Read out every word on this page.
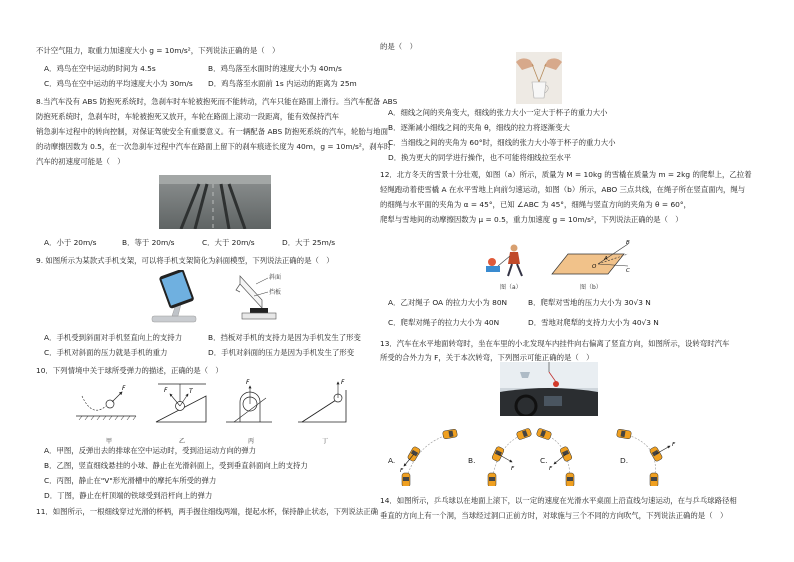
不计空气阻力，取重力加速度大小 g = 10m/s²，下列说法正确的是（　）
A．鸡鸟在空中运动的时间为 4.5s	B．鸡鸟落至水面时的速度大小为 40m/s
C．鸡鸟在空中运动的平均速度大小为 30m/s D．鸡鸟落至水面前 1s 内运动的距离为 25m
8.当汽车没有 ABS 防抱死系统时，急刹车时车轮被抱死而不能转动，汽车只能在路面上滑行。当汽车配备 ABS
防抱死系统时，急刹车时，车轮被抱死又放开，车轮在路面上滚动一段距离，能有效保持汽车
销急刹车过程中的转向控制，对保证驾驶安全有重要意义。有一辆配备 ABS 防抱死系统的汽车，轮胎与地面
的动摩擦因数为 0.5，在一次急刹车过程中汽车在路面上留下的刹车痕迹长度为 40m，g = 10m/s²，刹车时
汽车的初速度可能是（　）
A．小于 20m/s	B．等于 20m/s	C．大于 20m/s	D．大于 25m/s
9. 如图所示为某款式手机支架，可以将手机支架简化为斜面模型，下列说法正确的是（　）
斜面
挡板
A．手机受到斜面对手机竖直向上的支持力	B．挡板对手机的支持力是因为手机发生了形变
C．手机对斜面的压力就是手机的重力	D．手机对斜面的压力是因为手机发生了形变
10．下列情境中关于球所受弹力的描述，正确的是（　）
F	F	T
F	F
甲	乙	丙	丁
A．甲图，反弹出去的排球在空中运动时，受到沿运动方向的弹力
B．乙图，竖直细线悬挂的小球、静止在光滑斜面上，受到垂直斜面向上的支持力
C．丙图，静止在"V"形光滑槽中的摩托车所受的弹力
D．丁图，静止在杆顶端的铁球受到沿杆向上的弹力
11．如图所示，一根细线穿过光滑的杯柄，两手握住细线两端，提起水杯，保持静止状态，下列说法正确
的是（　）
A．细线之间的夹角变大，细线的张力大小一定大于杯子的重力大小
B．逐渐减小细线之间的夹角 θ，细线的拉力将逐渐变大
C．当细线之间的夹角为 60°时，细线的张力大小等于杯子的重力大小
D．换为更大的同学进行操作，也不可能将细线拉至水平
12．北方冬天的雪景十分壮观，如图（a）所示，质量为 M = 10kg 的雪橇在质量为 m = 2kg 的爬犁上，乙拉着
轻绳跑动着使雪橇 A 在水平雪地上向前匀速运动，如图（b）所示，ABO 三点共线，在绳子所在竖直面内，绳与
的细绳与水平面的夹角为 α = 45°，已知 ∠ABC 为 45°，细绳与竖直方向的夹角为 θ = 60°，
爬犁与雪地间的动摩擦因数为 μ = 0.5，重力加速度 g = 10m/s²，下列说法正确的是（　）
A
O
B
C
图（a）	图（b）
A．乙对绳子 OA 的拉力大小为 80N	B．爬犁对雪地的压力大小为 30√3 N
C．爬犁对绳子的拉力大小为 40N	D．雪地对爬犁的支持力大小为 40√3 N
13．汽车在水平地面转弯时，坐在车里的小北发现车内挂件向右偏离了竖直方向，如图所示，设转弯时汽车
所受的合外力为 F，关于本次转弯，下列图示可能正确的是（　）
F	F	F
F
A.	B.	C.	D.
14．如图所示，乒乓球以在地面上滚下，以一定的速度在光滑水平桌面上沿直线匀速运动，在与乒乓球路径相
垂直的方向上有一个洞，当球经过洞口正前方时，对球施与三个不同的方向吹气，下列说法正确的是（　）
